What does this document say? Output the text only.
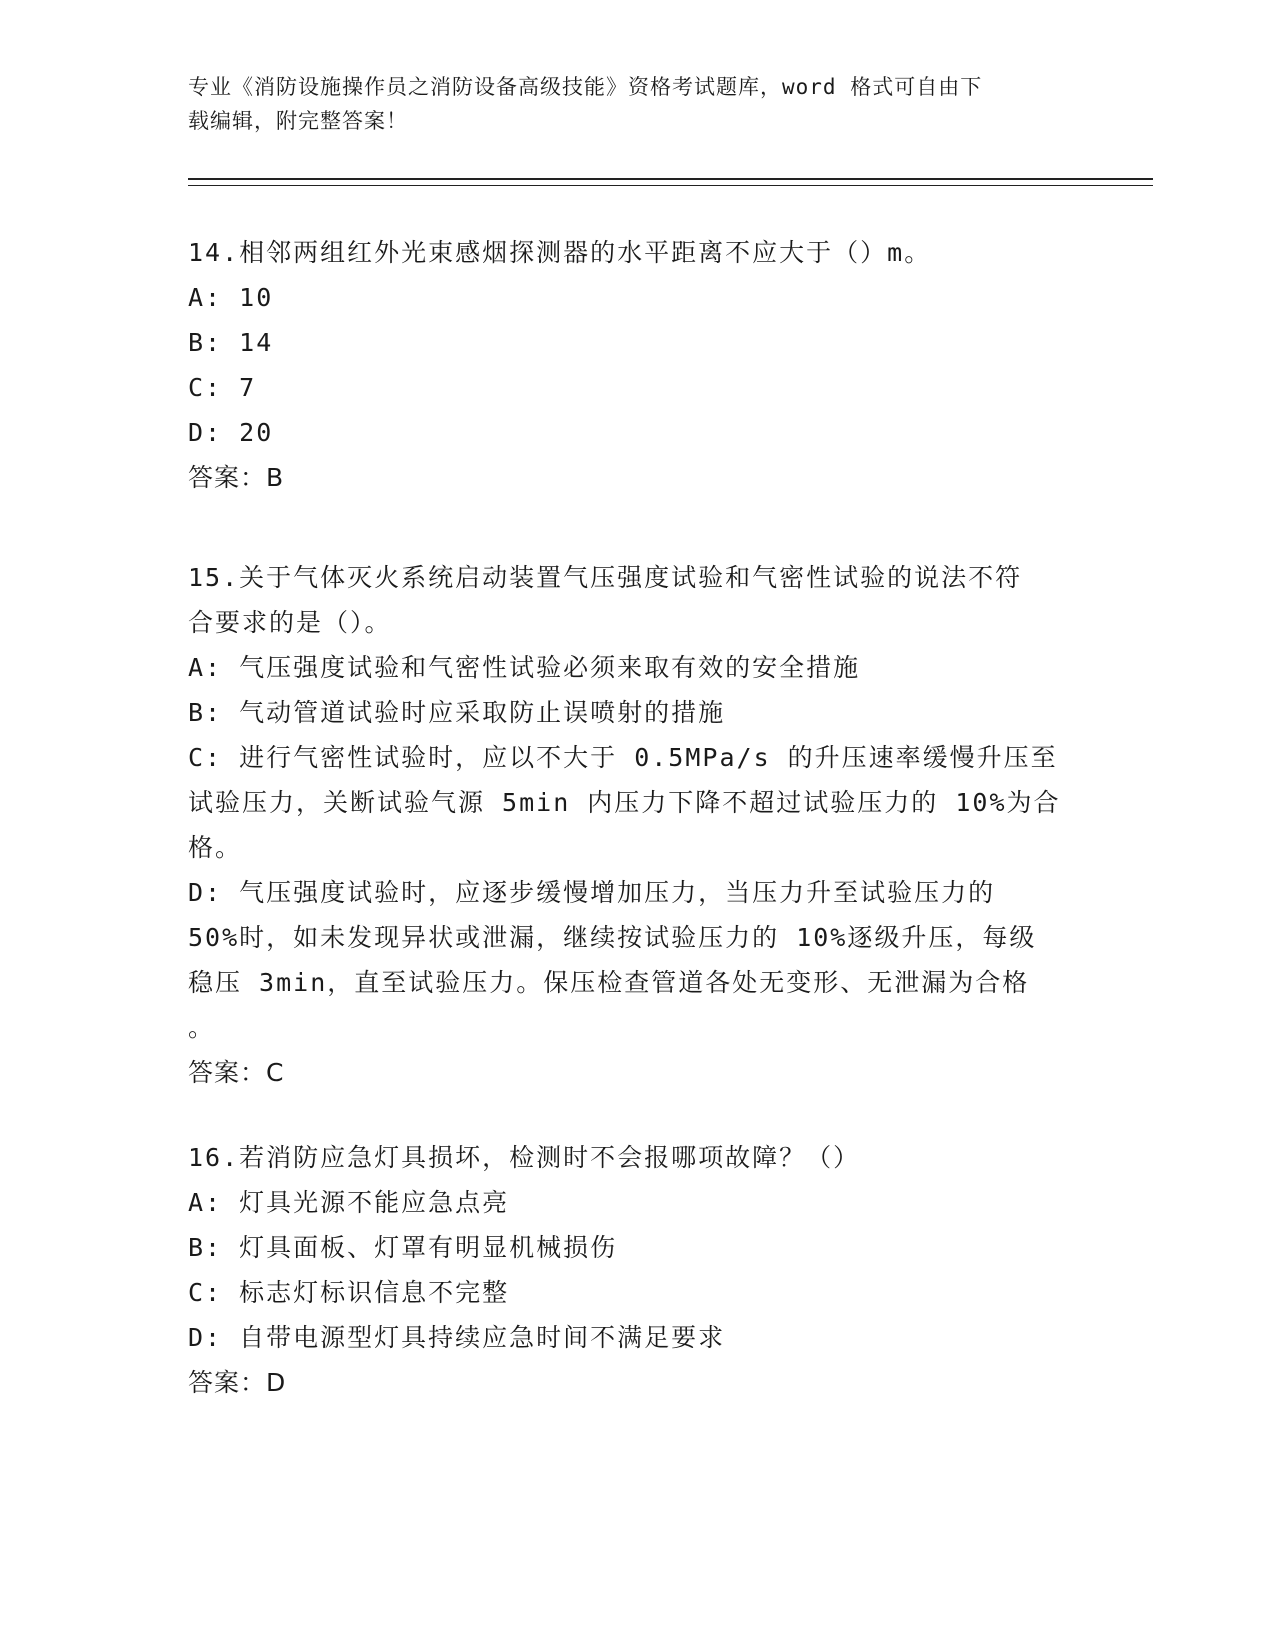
专业《消防设施操作员之消防设备高级技能》资格考试题库，word 格式可自由下
载编辑，附完整答案！
14.相邻两组红外光束感烟探测器的水平距离不应大于（）m。
A: 10
B: 14
C: 7
D: 20
答案：B
15.关于气体灭火系统启动装置气压强度试验和气密性试验的说法不符
合要求的是（）。
A: 气压强度试验和气密性试验必须来取有效的安全措施
B: 气动管道试验时应采取防止误喷射的措施
C: 进行气密性试验时，应以不大于 0.5MPa/s 的升压速率缓慢升压至
试验压力，关断试验气源 5min 内压力下降不超过试验压力的 10%为合
格。
D: 气压强度试验时，应逐步缓慢增加压力，当压力升至试验压力的
50%时，如未发现异状或泄漏，继续按试验压力的 10%逐级升压，每级
稳压 3min，直至试验压力。保压检查管道各处无变形、无泄漏为合格
。
答案：C
16.若消防应急灯具损坏，检测时不会报哪项故障？（）
A: 灯具光源不能应急点亮
B: 灯具面板、灯罩有明显机械损伤
C: 标志灯标识信息不完整
D: 自带电源型灯具持续应急时间不满足要求
答案：D
